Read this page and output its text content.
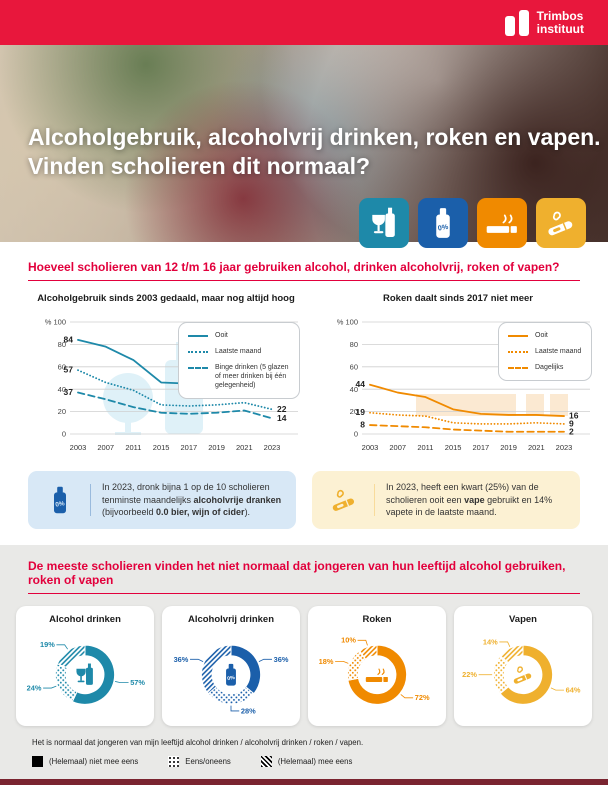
Trimbos
instituut
Alcoholgebruik, alcoholvrij drinken, roken en vapen.
Vinden scholieren dit normaal?
0%
Hoeveel scholieren van 12 t/m 16 jaar gebruiken alcohol, drinken alcoholvrij, roken of vapen?
Alcoholgebruik sinds 2003 gedaald, maar nog altijd hoog
0
20
40
60
80
% 100
2003 2007 2011 2015 2017 2019 2021 2023
84
57
22
37
14
Ooit
Laatste maand
Binge drinken (5 glazen of meer drinken bij één gelegenheid)
Roken daalt sinds 2017 niet meer
0
20
40
60
80
% 100
2003 2007 2011 2015 2017 2019 2021 2023
44
16
19
9
8
2
Ooit
Laatste maand
Dagelijks
0%
In 2023, dronk bijna 1 op de 10 scholieren tenminste maandelijks alcoholvrije dranken (bijvoorbeeld 0.0 bier, wijn of cider).
In 2023, heeft een kwart (25%) van de scholieren ooit een vape gebruikt en 14% vapete in de laatste maand.
De meeste scholieren vinden het niet normaal dat jongeren van hun leeftijd alcohol gebruiken, roken of vapen
Alcohol drinken
57%
24%
19%
Alcoholvrij drinken
36%
28%
36%
0%
Roken
72%
18%
10%
Vapen
64%
22%
14%

Het is normaal dat jongeren van mijn leeftijd alcohol drinken / alcoholvrij drinken / roken / vapen.

(Helemaal) niet mee eens	Eens/oneens	(Helemaal) mee eens
